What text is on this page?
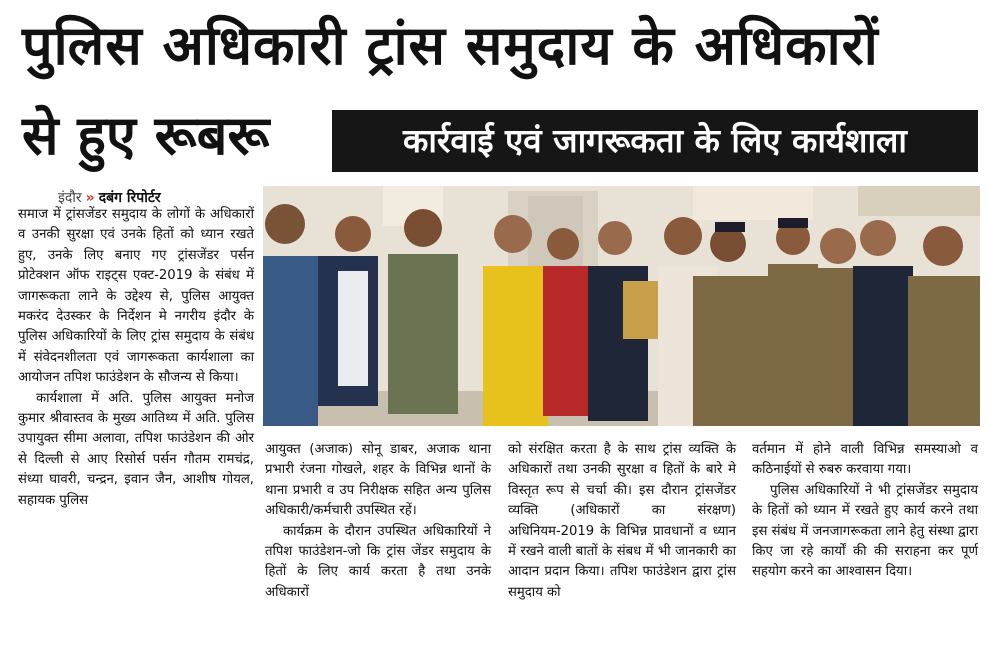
पुलिस अधिकारी ट्रांस समुदाय के अधिकारों
से हुए रूबरू	कार्रवाई एवं जागरूकता के लिए कार्यशाला
इंदौर » दबंग रिपोर्टर

समाज में ट्रांसजेंडर समुदाय के लोगों के अधिकारों व उनकी सुरक्षा एवं उनके हितों को ध्यान रखते हुए, उनके लिए बनाए गए ट्रांसजेंडर पर्सन प्रोटेक्शन ऑफ राइट्स एक्ट-2019 के संबंध में जागरूकता लाने के उद्देश्य से, पुलिस आयुक्त मकरंद देउस्कर के निर्देशन मे नगरीय इंदौर के पुलिस अधिकारियों के लिए ट्रांस समुदाय के संबंध में संवेदनशीलता एवं जागरूकता कार्यशाला का आयोजन तपिश फाउंडेशन के सौजन्य से किया।

कार्यशाला में अति. पुलिस आयुक्त मनोज कुमार श्रीवास्तव के मुख्य आतिथ्य में अति. पुलिस उपायुक्त सीमा अलावा, तपिश फाउंडेशन की ओर से दिल्ली से आए रिसोर्स पर्सन गौतम रामचंद्र, संध्या घावरी, चन्द्रन, इवान जैन, आशीष गोयल, सहायक पुलिस

आयुक्त (अजाक) सोनू डाबर, अजाक थाना प्रभारी रंजना गोखले, शहर के विभिन्न थानों के थाना प्रभारी व उप निरीक्षक सहित अन्य पुलिस अधिकारी/कर्मचारी उपस्थित रहें।

कार्यक्रम के दौरान उपस्थित अधिकारियों ने तपिश फाउंडेशन-जो कि ट्रांस जेंडर समुदाय के हितों के लिए कार्य करता है तथा उनके अधिकारों

को संरक्षित करता है के साथ ट्रांस व्यक्ति के अधिकारों तथा उनकी सुरक्षा व हितों के बारे मे विस्तृत रूप से चर्चा की। इस दौरान ट्रांसजेंडर व्यक्ति (अधिकारों का संरक्षण) अधिनियम-2019 के विभिन्न प्रावधानों व ध्यान में रखने वाली बातों के संबध में भी जानकारी का आदान प्रदान किया। तपिश फाउंडेशन द्वारा ट्रांस समुदाय को

वर्तमान में होने वाली विभिन्न समस्याओ व कठिनाईयों से रुबरु करवाया गया।

पुलिस अधिकारियों ने भी ट्रांसजेंडर समुदाय के हितों को ध्यान में रखते हुए कार्य करने तथा इस संबंध में जनजागरूकता लाने हेतु संस्था द्वारा किए जा रहे कार्यों की की सराहना कर पूर्ण सहयोग करने का आश्वासन दिया।
